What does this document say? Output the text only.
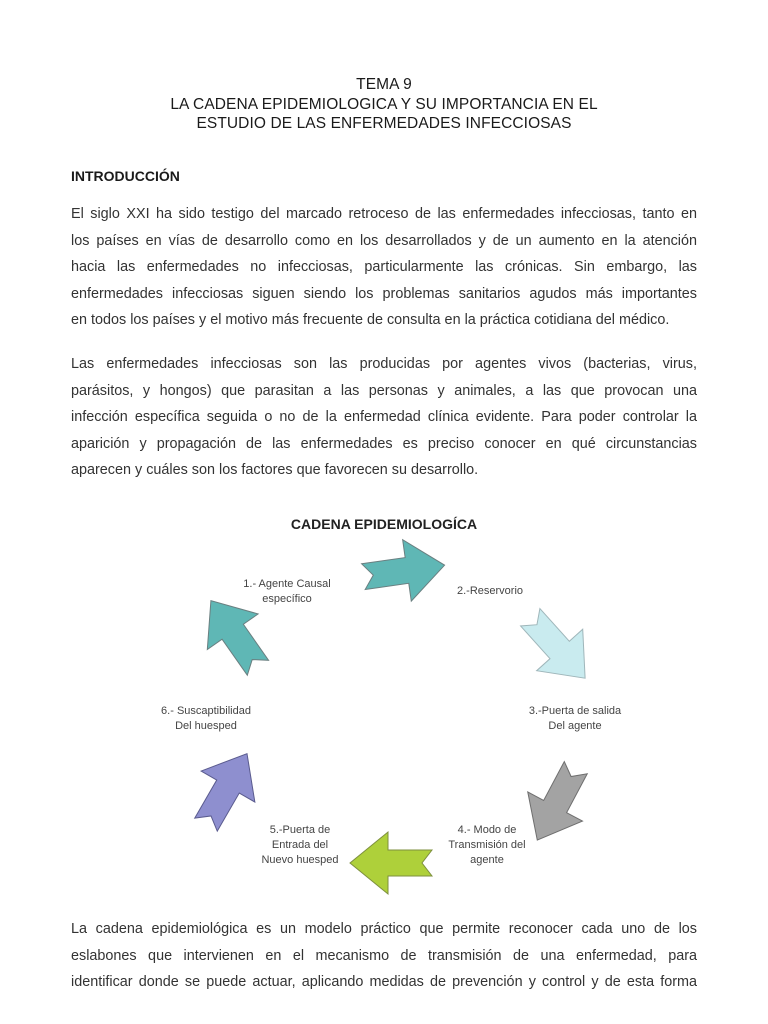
TEMA 9
LA CADENA EPIDEMIOLOGICA Y SU IMPORTANCIA EN EL
ESTUDIO DE LAS ENFERMEDADES INFECCIOSAS
INTRODUCCIÓN
El siglo XXI ha sido testigo del marcado retroceso de las enfermedades infecciosas, tanto en
los países en vías de desarrollo como en los desarrollados y de un aumento en la atención
hacia las enfermedades no infecciosas, particularmente las crónicas. Sin embargo, las
enfermedades infecciosas siguen siendo los problemas sanitarios agudos más importantes
en todos los países y el motivo más frecuente de consulta en la práctica cotidiana del médico.
Las enfermedades infecciosas son las producidas por agentes vivos (bacterias, virus,
parásitos, y hongos) que parasitan a las personas y animales, a las que provocan una
infección específica seguida o no de la enfermedad clínica evidente. Para poder controlar la
aparición y propagación de las enfermedades es preciso conocer en qué circunstancias
aparecen y cuáles son los factores que favorecen su desarrollo.
CADENA EPIDEMIOLOGÍCA
1.- Agente Causal
específico
2.-Reservorio
3.-Puerta de salida
Del agente
4.- Modo de
Transmisión del
agente
5.-Puerta de
Entrada del
Nuevo huesped
6.- Suscaptibilidad
Del huesped
La cadena epidemiológica es un modelo práctico que permite reconocer cada uno de los
eslabones que intervienen en el mecanismo de transmisión de una enfermedad, para
identificar donde se puede actuar, aplicando medidas de prevención y control y de esta forma
